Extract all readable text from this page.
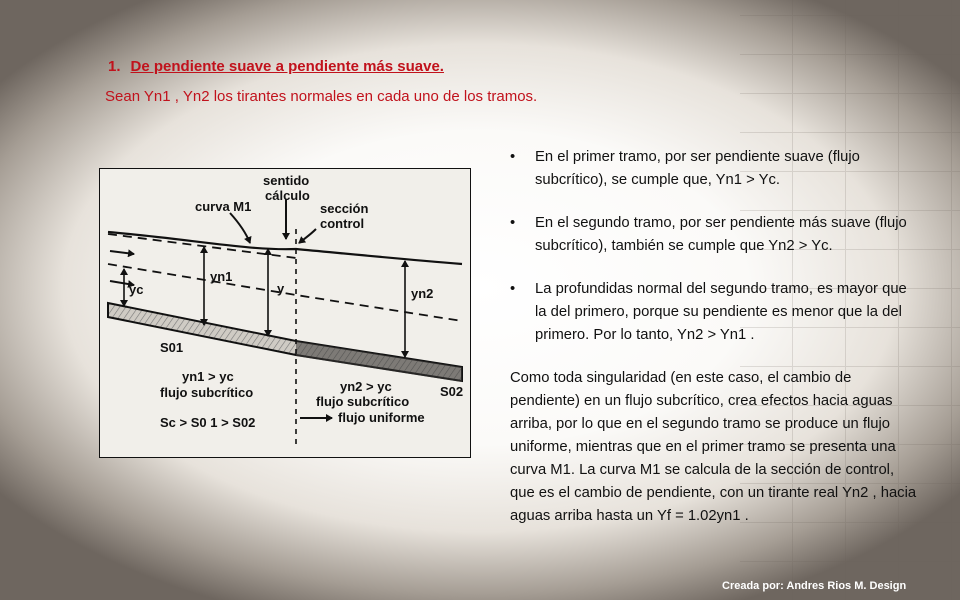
1. De pendiente suave a pendiente más suave.
Sean Yn1 , Yn2 los tirantes normales en cada uno de los tramos.
sentido
cálculo
curva M1	sección
control
yn1
yc	y	yn2
S01
S02
yn1 > yc
flujo subcrítico
Sc > S0 1 > S02
yn2 > yc
flujo subcrítico
flujo uniforme
• En el primer tramo, por ser pendiente suave (flujo
subcrítico), se cumple que, Yn1 > Yc.
• En el segundo tramo, por ser pendiente más suave (flujo
subcrítico), también se cumple que Yn2 > Yc.
• La profundidas normal del segundo tramo, es mayor que
la del primero, porque su pendiente es menor que la del
primero. Por lo tanto, Yn2 > Yn1 .
Como toda singularidad (en este caso, el cambio de
pendiente) en un flujo subcrítico, crea efectos hacia aguas
arriba, por lo que en el segundo tramo se produce un flujo
uniforme, mientras que en el primer tramo se presenta una
curva M1. La curva M1 se calcula de la sección de control,
que es el cambio de pendiente, con un tirante real Yn2 , hacia
aguas arriba hasta un Yf = 1.02yn1 .
Creada por: Andres Rios M. Design
